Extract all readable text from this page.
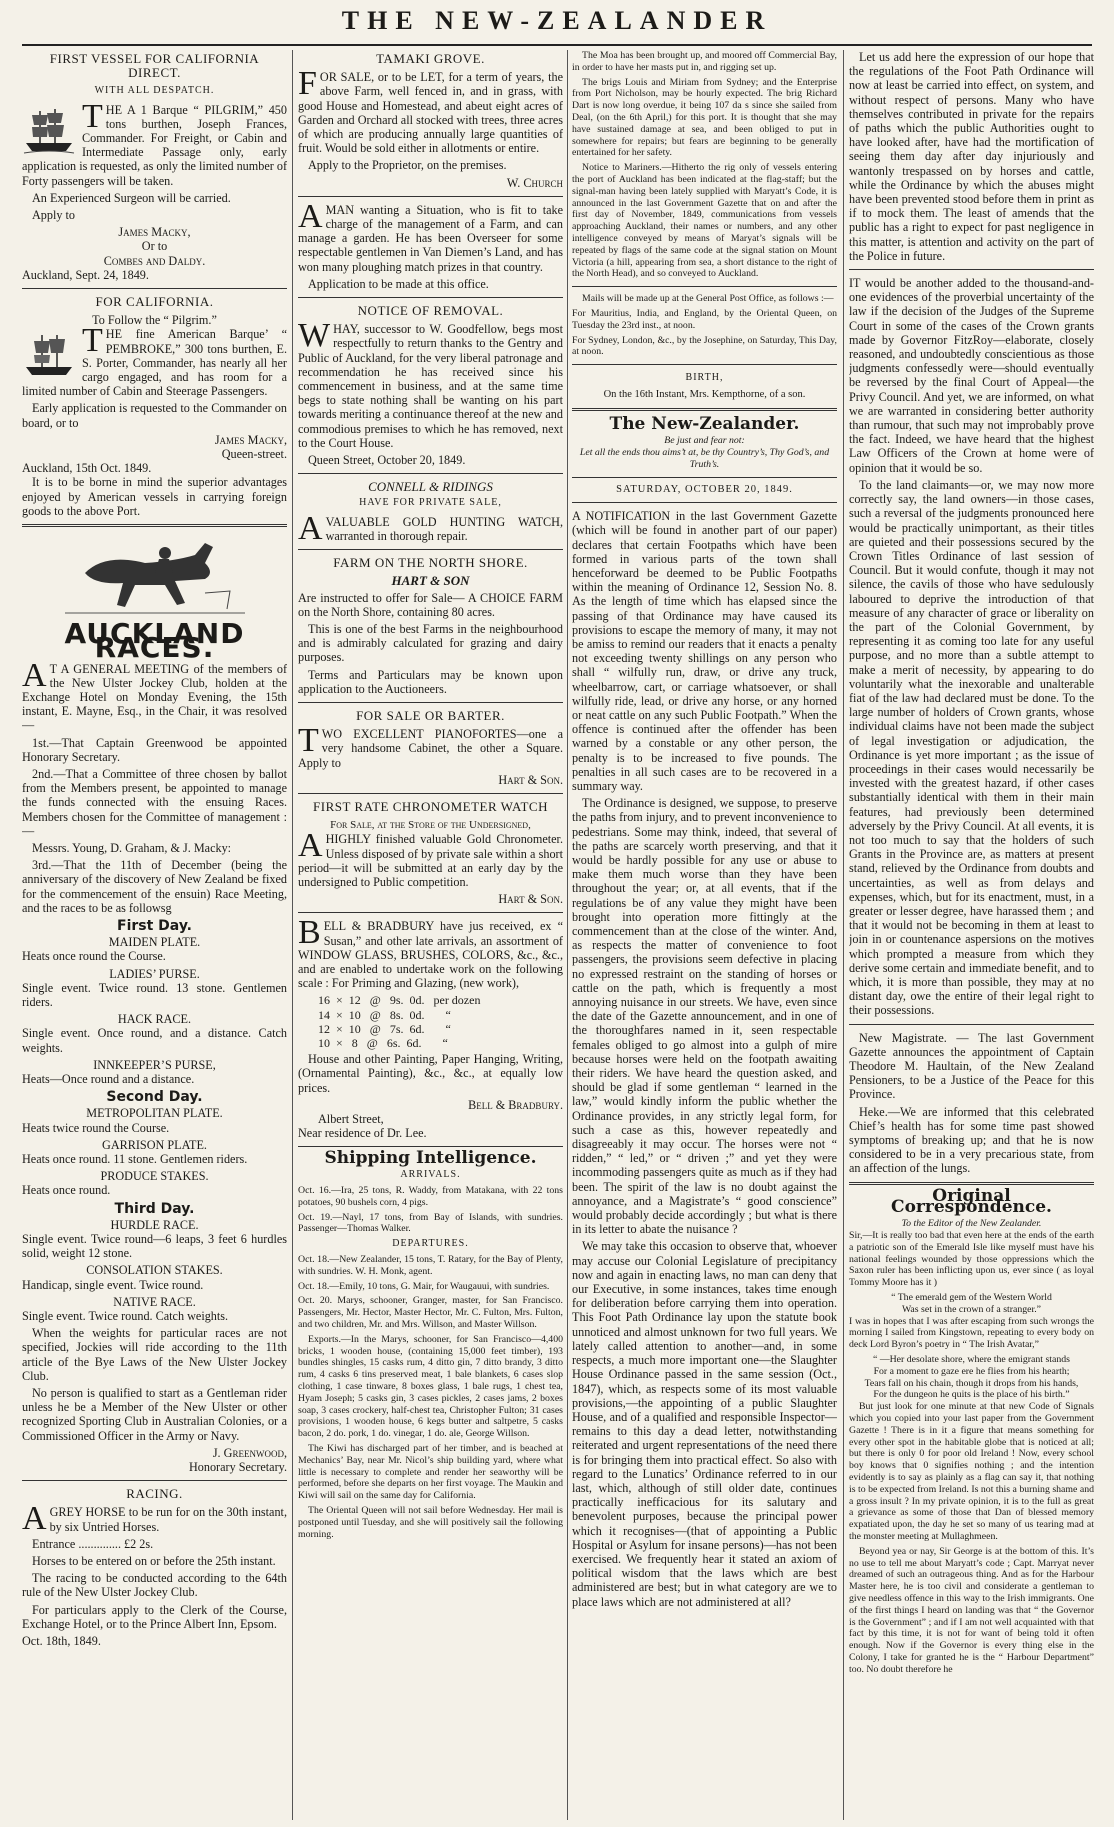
THE NEW-ZEALANDER
FIRST VESSEL FOR CALIFORNIA DIRECT.
WITH ALL DESPATCH.

THE A 1 Barque “ PILGRIM,” 450 tons burthen, Joseph Frances, Commander. For Freight, or Cabin and Intermediate Passage only, early application is requested, as only the limited number of Forty passengers will be taken.

An Experienced Surgeon will be carried.

Apply to

James Macky,
Or to
Combes and Daldy.
Auckland, Sept. 24, 1849.
FOR CALIFORNIA.
To Follow the “ Pilgrim.”

THE fine American Barque’ “ PEMBROKE,” 300 tons burthen, E. S. Porter, Commander, has nearly all her cargo engaged, and has room for a limited number of Cabin and Steerage Passengers.

Early application is requested to the Commander on board, or to

James Macky,
Queen-street.
Auckland, 15th Oct. 1849.

It is to be borne in mind the superior advantages enjoyed by American vessels in carrying foreign goods to the above Port.

AUCKLAND RACES.

AT A GENERAL MEETING of the members of the New Ulster Jockey Club, holden at the Exchange Hotel on Monday Evening, the 15th instant, E. Mayne, Esq., in the Chair, it was resolved—

1st.—That Captain Greenwood be appointed Honorary Secretary.

2nd.—That a Committee of three chosen by ballot from the Members present, be appointed to manage the funds connected with the ensuing Races. Members chosen for the Committee of management :—

Messrs. Young, D. Graham, & J. Macky:

3rd.—That the 11th of December (being the anniversary of the discovery of New Zealand be fixed for the commencement of the ensuin) Race Meeting, and the races to be as followsg

First Day.
MAIDEN PLATE.

Heats once round the Course.

LADIES’ PURSE.

Single event. Twice round. 13 stone. Gentlemen riders.

HACK RACE.

Single event. Once round, and a distance. Catch weights.

INNKEEPER’S PURSE,

Heats—Once round and a distance.

Second Day.
METROPOLITAN PLATE.

Heats twice round the Course.

GARRISON PLATE.

Heats once round. 11 stone. Gentlemen riders.

PRODUCE STAKES.

Heats once round.

Third Day.
HURDLE RACE.

Single event. Twice round—6 leaps, 3 feet 6 hurdles solid, weight 12 stone.

CONSOLATION STAKES.

Handicap, single event. Twice round.

NATIVE RACE.

Single event. Twice round. Catch weights.

When the weights for particular races are not specified, Jockies will ride according to the 11th article of the Bye Laws of the New Ulster Jockey Club.

No person is qualified to start as a Gentleman rider unless he be a Member of the New Ulster or other recognized Sporting Club in Australian Colonies, or a Commissioned Officer in the Army or Navy.

J. Greenwood,
Honorary Secretary.
RACING.

AGREY HORSE to be run for on the 30th instant, by six Untried Horses.

Entrance .............. £2 2s.

Horses to be entered on or before the 25th instant.

The racing to be conducted according to the 64th rule of the New Ulster Jockey Club.

For particulars apply to the Clerk of the Course, Exchange Hotel, or to the Prince Albert Inn, Epsom.

Oct. 18th, 1849.

TAMAKI GROVE.

FOR SALE, or to be LET, for a term of years, the above Farm, well fenced in, and in grass, with good House and Homestead, and abeut eight acres of Garden and Orchard all stocked with trees, three acres of which are producing annually large quantities of fruit. Would be sold either in allotments or entire.

Apply to the Proprietor, on the premises.

W. Church

AMAN wanting a Situation, who is fit to take charge of the management of a Farm, and can manage a garden. He has been Overseer for some respectable gentlemen in Van Diemen’s Land, and has won many ploughing match prizes in that country.

Application to be made at this office.

NOTICE OF REMOVAL.

WHAY, successor to W. Goodfellow, begs most respectfully to return thanks to the Gentry and Public of Auckland, for the very liberal patronage and recommendation he has received since his commencement in business, and at the same time begs to state nothing shall be wanting on his part towards meriting a continuance thereof at the new and commodious premises to which he has removed, next to the Court House.

Queen Street, October 20, 1849.

CONNELL & RIDINGS
HAVE FOR PRIVATE SALE,

AVALUABLE GOLD HUNTING WATCH, warranted in thorough repair.

FARM ON THE NORTH SHORE.
HART & SON

Are instructed to offer for Sale— A CHOICE FARM on the North Shore, containing 80 acres.

This is one of the best Farms in the neighbourhood and is admirably calculated for grazing and dairy purposes.

Terms and Particulars may be known upon application to the Auctioneers.

FOR SALE OR BARTER.

TWO EXCELLENT PIANOFORTES—one a very handsome Cabinet, the other a Square. Apply to

Hart & Son.
FIRST RATE CHRONOMETER WATCH
For Sale, at the Store of the Undersigned,

AHIGHLY finished valuable Gold Chronometer. Unless disposed of by private sale within a short period—it will be submitted at an early day by the undersigned to Public competition.

Hart & Son.

BELL & BRADBURY have jus received, ex “ Susan,” and other late arrivals, an assortment of WINDOW GLASS, BRUSHES, COLORS, &c., &c., and are enabled to undertake work on the following scale : For Priming and Glazing, (new work),

16  ×  12   @   9s.  0d.   per dozen
14  ×  10   @   8s.  0d.       “
12  ×  10   @   7s.  6d.       “
10  ×   8   @   6s.  6d.       “

House and other Painting, Paper Hanging, Writing, (Ornamental Painting), &c., &c., at equally low prices.

Bell & Bradbury.
Albert Street,
Near residence of Dr. Lee.
Shipping Intelligence.
ARRIVALS.

Oct. 16.—Ira, 25 tons, R. Waddy, from Matakana, with 22 tons potatoes, 90 bushels corn, 4 pigs.

Oct. 19.—Nayl, 17 tons, from Bay of Islands, with sundries. Passenger—Thomas Walker.

DEPARTURES.

Oct. 18.—New Zealander, 15 tons, T. Ratary, for the Bay of Plenty, with sundries. W. H. Monk, agent.

Oct. 18.—Emily, 10 tons, G. Mair, for Waugauui, with sundries.

Oct. 20. Marys, schooner, Granger, master, for San Francisco. Passengers, Mr. Hector, Master Hector, Mr. C. Fulton, Mrs. Fulton, and two children, Mr. and Mrs. Willson, and Master Willson.

Exports.—In the Marys, schooner, for San Francisco—4,400 bricks, 1 wooden house, (containing 15,000 feet timber), 193 bundles shingles, 15 casks rum, 4 ditto gin, 7 ditto brandy, 3 ditto rum, 4 casks 6 tins preserved meat, 1 bale blankets, 6 cases slop clothing, 1 case tinware, 8 boxes glass, 1 bale rugs, 1 chest tea, Hyam Joseph; 5 casks gin, 3 cases pickles, 2 cases jams, 2 boxes soap, 3 cases crockery, half-chest tea, Christopher Fulton; 31 cases provisions, 1 wooden house, 6 kegs butter and saltpetre, 5 casks bacon, 2 do. pork, 1 do. vinegar, 1 do. ale, George Willson.

The Kiwi has discharged part of her timber, and is beached at Mechanics’ Bay, near Mr. Nicol’s ship building yard, where what little is necessary to complete and render her seaworthy will be performed, before she departs on her first voyage. The Maukin and Kiwi will sail on the same day for California.

The Oriental Queen will not sail before Wednesday. Her mail is postponed until Tuesday, and she will positively sail the following morning.

The Moa has been brought up, and moored off Commercial Bay, in order to have her masts put in, and rigging set up.

The brigs Louis and Miriam from Sydney; and the Enterprise from Port Nicholson, may be hourly expected. The brig Richard Dart is now long overdue, it being 107 da s since she sailed from Deal, (on the 6th April,) for this port. It is thought that she may have sustained damage at sea, and been obliged to put in somewhere for repairs; but fears are beginning to be generally entertained for her safety.

Notice to Mariners.—Hitherto the rig only of vessels entering the port of Auckland has been indicated at the flag-staff; but the signal-man having been lately supplied with Maryatt’s Code, it is announced in the last Government Gazette that on and after the first day of November, 1849, communications from vessels approaching Auckland, their names or numbers, and any other intelligence conveyed by means of Maryat’s signals will be repeated by flags of the same code at the signal station on Mount Victoria (a hill, appearing from sea, a short distance to the right of the North Head), and so conveyed to Auckland.

Mails will be made up at the General Post Office, as follows :—

For Mauritius, India, and England, by the Oriental Queen, on Tuesday the 23rd inst., at noon.

For Sydney, London, &c., by the Josephine, on Saturday, This Day, at noon.

BIRTH,
On the 16th Instant, Mrs. Kempthorne, of a son.
The New-Zealander.
Be just and fear not:
Let all the ends thou aims’t at, be thy Country’s, Thy God’s, and Truth’s.
SATURDAY, OCTOBER 20, 1849.

A NOTIFICATION in the last Government Gazette (which will be found in another part of our paper) declares that certain Footpaths which have been formed in various parts of the town shall henceforward be deemed to be Public Footpaths within the meaning of Ordinance 12, Session No. 8. As the length of time which has elapsed since the passing of that Ordinance may have caused its provisions to escape the memory of many, it may not be amiss to remind our readers that it enacts a penalty not exceeding twenty shillings on any person who shall “ wilfully run, draw, or drive any truck, wheelbarrow, cart, or carriage whatsoever, or shall wilfully ride, lead, or drive any horse, or any horned or neat cattle on any such Public Footpath.” When the offence is continued after the offender has been warned by a constable or any other person, the penalty is to be increased to five pounds. The penalties in all such cases are to be recovered in a summary way.

The Ordinance is designed, we suppose, to preserve the paths from injury, and to prevent inconvenience to pedestrians. Some may think, indeed, that several of the paths are scarcely worth preserving, and that it would be hardly possible for any use or abuse to make them much worse than they have been throughout the year; or, at all events, that if the regulations be of any value they might have been brought into operation more fittingly at the commencement than at the close of the winter. And, as respects the matter of convenience to foot passengers, the provisions seem defective in placing no expressed restraint on the standing of horses or cattle on the path, which is frequently a most annoying nuisance in our streets. We have, even since the date of the Gazette announcement, and in one of the thoroughfares named in it, seen respectable females obliged to go almost into a gulph of mire because horses were held on the footpath awaiting their riders. We have heard the question asked, and should be glad if some gentleman “ learned in the law,” would kindly inform the public whether the Ordinance provides, in any strictly legal form, for such a case as this, however repeatedly and disagreeably it may occur. The horses were not “ ridden,” “ led,” or “ driven ;” and yet they were incommoding passengers quite as much as if they had been. The spirit of the law is no doubt against the annoyance, and a Magistrate’s “ good conscience” would probably decide accordingly ; but what is there in its letter to abate the nuisance ?

We may take this occasion to observe that, whoever may accuse our Colonial Legislature of precipitancy now and again in enacting laws, no man can deny that our Executive, in some instances, takes time enough for deliberation before carrying them into operation. This Foot Path Ordinance lay upon the statute book unnoticed and almost unknown for two full years. We lately called attention to another—and, in some respects, a much more important one—the Slaughter House Ordinance passed in the same session (Oct., 1847), which, as respects some of its most valuable provisions,—the appointing of a public Slaughter House, and of a qualified and responsible Inspector—remains to this day a dead letter, notwithstanding reiterated and urgent representations of the need there is for bringing them into practical effect. So also with regard to the Lunatics’ Ordinance referred to in our last, which, although of still older date, continues practically inefficacious for its salutary and benevolent purposes, because the principal power which it recognises—(that of appointing a Public Hospital or Asylum for insane persons)—has not been exercised. We frequently hear it stated an axiom of political wisdom that the laws which are best administered are best; but in what category are we to place laws which are not administered at all?

Let us add here the expression of our hope that the regulations of the Foot Path Ordinance will now at least be carried into effect, on system, and without respect of persons. Many who have themselves contributed in private for the repairs of paths which the public Authorities ought to have looked after, have had the mortification of seeing them day after day injuriously and wantonly trespassed on by horses and cattle, while the Ordinance by which the abuses might have been prevented stood before them in print as if to mock them. The least of amends that the public has a right to expect for past negligence in this matter, is attention and activity on the part of the Police in future.

IT would be another added to the thousand-and-one evidences of the proverbial uncertainty of the law if the decision of the Judges of the Supreme Court in some of the cases of the Crown grants made by Governor FitzRoy—elaborate, closely reasoned, and undoubtedly conscientious as those judgments confessedly were—should eventually be reversed by the final Court of Appeal—the Privy Council. And yet, we are informed, on what we are warranted in considering better authority than rumour, that such may not improbably prove the fact. Indeed, we have heard that the highest Law Officers of the Crown at home were of opinion that it would be so.

To the land claimants—or, we may now more correctly say, the land owners—in those cases, such a reversal of the judgments pronounced here would be practically unimportant, as their titles are quieted and their possessions secured by the Crown Titles Ordinance of last session of Council. But it would confute, though it may not silence, the cavils of those who have sedulously laboured to deprive the introduction of that measure of any character of grace or liberality on the part of the Colonial Government, by representing it as coming too late for any useful purpose, and no more than a subtle attempt to make a merit of necessity, by appearing to do voluntarily what the inexorable and unalterable fiat of the law had declared must be done. To the large number of holders of Crown grants, whose individual claims have not been made the subject of legal investigation or adjudication, the Ordinance is yet more important ; as the issue of proceedings in their cases would necessarily be invested with the greatest hazard, if other cases substantially identical with them in their main features, had previously been determined adversely by the Privy Council. At all events, it is not too much to say that the holders of such Grants in the Province are, as matters at present stand, relieved by the Ordinance from doubts and uncertainties, as well as from delays and expenses, which, but for its enactment, must, in a greater or lesser degree, have harassed them ; and that it would not be becoming in them at least to join in or countenance aspersions on the motives which prompted a measure from which they derive some certain and immediate benefit, and to which, it is more than possible, they may at no distant day, owe the entire of their legal right to their possessions.

New Magistrate. — The last Government Gazette announces the appointment of Captain Theodore M. Haultain, of the New Zealand Pensioners, to be a Justice of the Peace for this Province.

Heke.—We are informed that this celebrated Chief’s health has for some time past showed symptoms of breaking up; and that he is now considered to be in a very precarious state, from an affection of the lungs.

Original Correspondence.
To the Editor of the New Zealander.

Sir,—It is really too bad that even here at the ends of the earth a patriotic son of the Emerald Isle like myself must have his national feelings wounded by those oppressions which the Saxon ruler has been inflicting upon us, ever since ( as loyal Tommy Moore has it )

“ The emerald gem of the Western World
Was set in the crown of a stranger.”

I was in hopes that I was after escaping from such wrongs the morning I sailed from Kingstown, repeating to every body on deck Lord Byron’s poetry in “ The Irish Avatar,”

“ —Her desolate shore, where the emigrant stands
For a moment to gaze ere he flies from his hearth;
Tears fall on his chain, though it drops from his hands,
For the dungeon he quits is the place of his birth.”

But just look for one minute at that new Code of Signals which you copied into your last paper from the Government Gazette ! There is in it a figure that means something for every other spot in the habitable globe that is noticed at all; but there is only 0 for poor old Ireland ! Now, every school boy knows that 0 signifies nothing ; and the intention evidently is to say as plainly as a flag can say it, that nothing is to be expected from Ireland. Is not this a burning shame and a gross insult ? In my private opinion, it is to the full as great a grievance as some of those that Dan of blessed memory expatiated upon, the day he set so many of us tearing mad at the monster meeting at Mullaghmeen.

Beyond yea or nay, Sir George is at the bottom of this. It’s no use to tell me about Maryatt’s code ; Capt. Marryat never dreamed of such an outrageous thing. And as for the Harbour Master here, he is too civil and considerate a gentleman to give needless offence in this way to the Irish immigrants. One of the first things I heard on landing was that “ the Governor is the Government” ; and if I am not well acquainted with that fact by this time, it is not for want of being told it often enough. Now if the Governor is every thing else in the Colony, I take for granted he is the “ Harbour Department” too. No doubt therefore he
